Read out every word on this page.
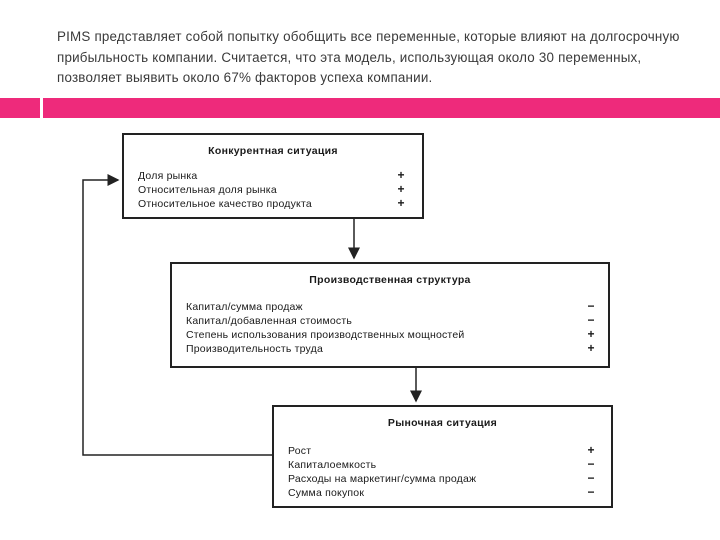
PIMS представляет собой попытку обобщить все переменные, которые влияют на долгосрочную прибыльность компании. Считается, что эта модель, использующая около 30 переменных, позволяет выявить около 67% факторов успеха компании.
Конкурентная ситуация
Доля рынка	+
Относительная доля рынка	+
Относительное качество продукта	+
Производственная структура
Капитал/сумма продаж	−
Капитал/добавленная стоимость	−
Степень использования производственных мощностей	+
Производительность труда	+
Рыночная ситуация
Рост	+
Капиталоемкость	−
Расходы на маркетинг/сумма продаж	−
Сумма покупок	−
